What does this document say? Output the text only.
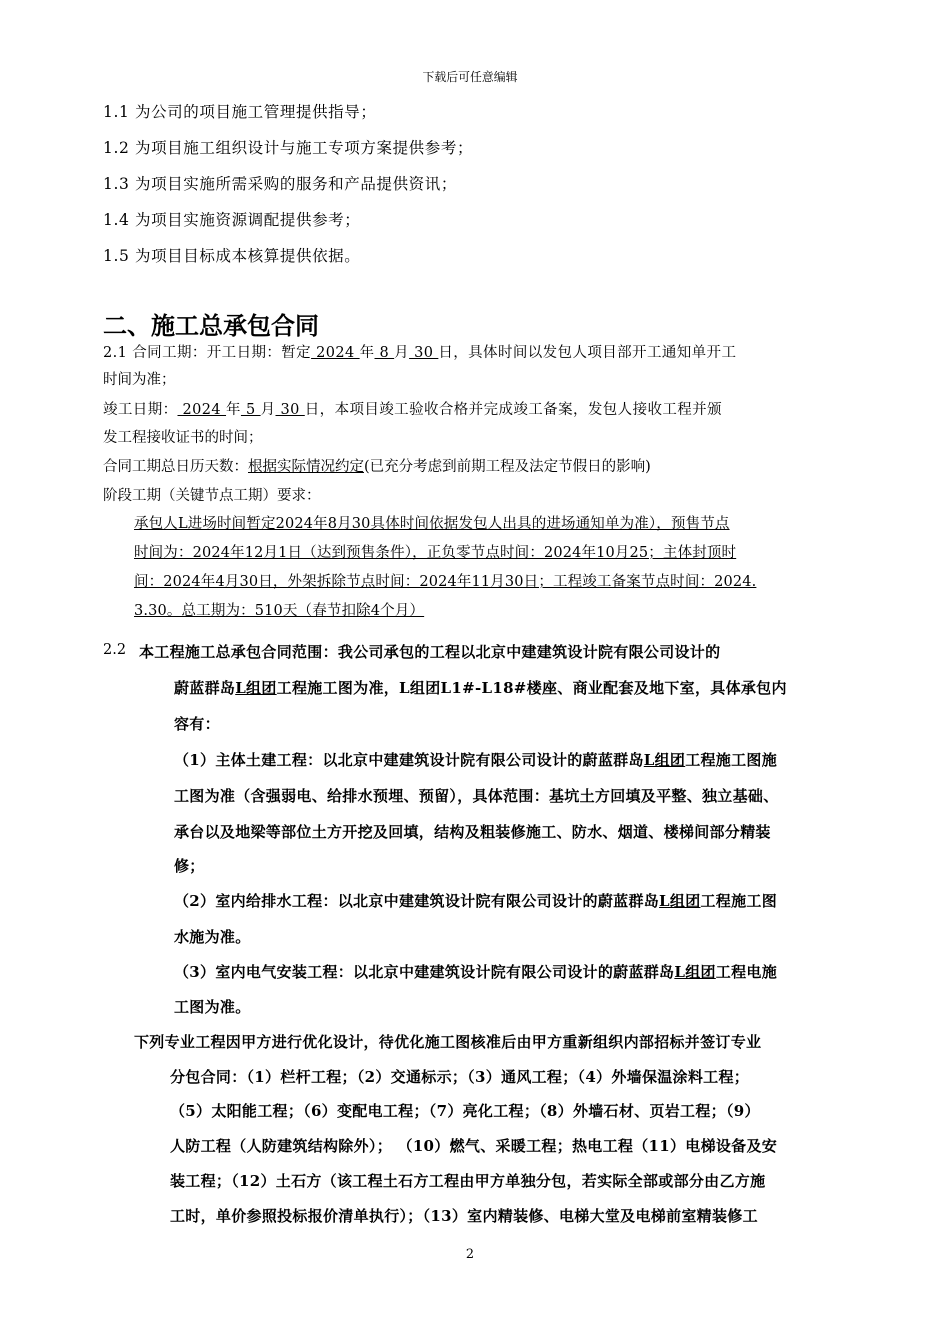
下载后可任意编辑
1.1 为公司的项目施工管理提供指导；
1.2 为项目施工组织设计与施工专项方案提供参考；
1.3 为项目实施所需采购的服务和产品提供资讯；
1.4 为项目实施资源调配提供参考；
1.5 为项目目标成本核算提供依据。
二、施工总承包合同
2.1 合同工期：开工日期：暂定 2024 年 8 月 30 日，具体时间以发包人项目部开工通知单开工
时间为准；
竣工日期： 2024 年 5 月 30 日，本项目竣工验收合格并完成竣工备案，发包人接收工程并颁
发工程接收证书的时间；
合同工期总日历天数：根据实际情况约定(已充分考虑到前期工程及法定节假日的影响)
阶段工期（关键节点工期）要求：
承包人L进场时间暂定2024年8月30具体时间依据发包人出具的进场通知单为准），预售节点
时间为：2024年12月1日（达到预售条件），正负零节点时间：2024年10月25；主体封顶时
间：2024年4月30日，外架拆除节点时间：2024年11月30日；工程竣工备案节点时间：2024.
3.30。总工期为：510天（春节扣除4个月）
2.2 本工程施工总承包合同范围：我公司承包的工程以北京中建建筑设计院有限公司设计的
蔚蓝群岛L组团工程施工图为准，L组团L1#-L18#楼座、商业配套及地下室，具体承包内
容有：
（1）主体土建工程：以北京中建建筑设计院有限公司设计的蔚蓝群岛L组团工程施工图施
工图为准（含强弱电、给排水预埋、预留），具体范围：基坑土方回填及平整、独立基础、
承台以及地梁等部位土方开挖及回填，结构及粗装修施工、防水、烟道、楼梯间部分精装
修；
（2）室内给排水工程：以北京中建建筑设计院有限公司设计的蔚蓝群岛L组团工程施工图
水施为准。
（3）室内电气安装工程：以北京中建建筑设计院有限公司设计的蔚蓝群岛L组团工程电施
工图为准。
下列专业工程因甲方进行优化设计，待优化施工图核准后由甲方重新组织内部招标并签订专业
分包合同：（1）栏杆工程；（2）交通标示；（3）通风工程；（4）外墙保温涂料工程；
（5）太阳能工程；（6）变配电工程；（7）亮化工程；（8）外墙石材、页岩工程；（9）
人防工程（人防建筑结构除外）； （10）燃气、采暖工程；热电工程（11）电梯设备及安
装工程；（12）土石方（该工程土石方工程由甲方单独分包，若实际全部或部分由乙方施
工时，单价参照投标报价清单执行）；（13）室内精装修、电梯大堂及电梯前室精装修工
2
